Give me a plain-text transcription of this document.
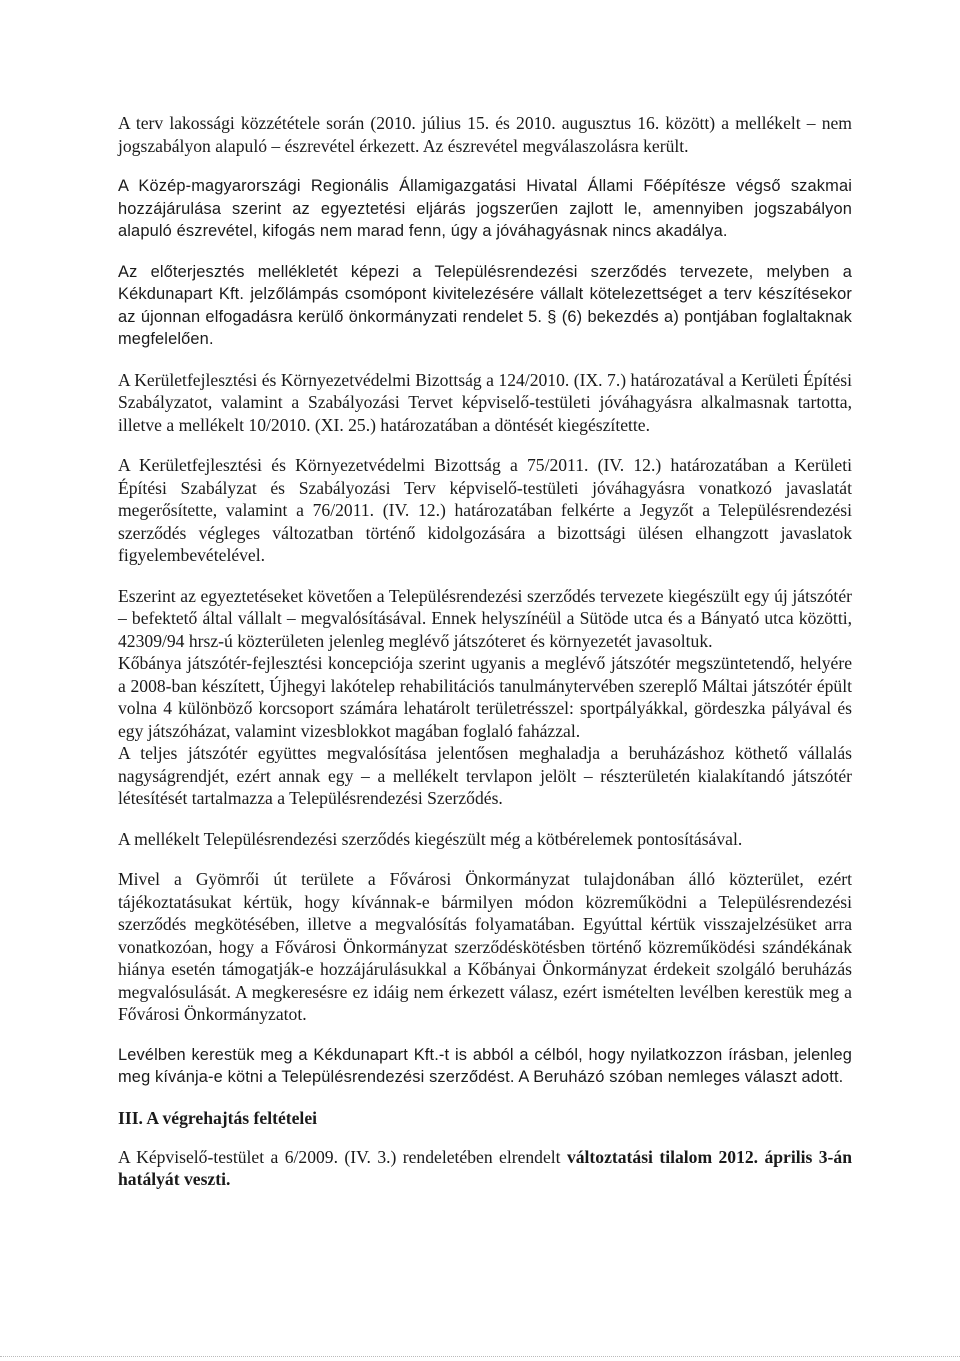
A terv lakossági közzététele során (2010. július 15. és 2010. augusztus 16. között) a mellékelt – nem jogszabályon alapuló – észrevétel érkezett. Az észrevétel megválaszolásra került.

A Közép-magyarországi Regionális Államigazgatási Hivatal Állami Főépítésze végső szakmai hozzájárulása szerint az egyeztetési eljárás jogszerűen zajlott le, amennyiben jogszabályon alapuló észrevétel, kifogás nem marad fenn, úgy a jóváhagyásnak nincs akadálya.

Az előterjesztés mellékletét képezi a Településrendezési szerződés tervezete, melyben a Kékdunapart Kft. jelzőlámpás csomópont kivitelezésére vállalt kötelezettséget a terv készítésekor az újonnan elfogadásra kerülő önkormányzati rendelet 5. § (6) bekezdés a) pontjában foglaltaknak megfelelően.

A Kerületfejlesztési és Környezetvédelmi Bizottság a 124/2010. (IX. 7.) határozatával a Kerületi Építési Szabályzatot, valamint a Szabályozási Tervet képviselő-testületi jóváhagyásra alkalmasnak tartotta, illetve a mellékelt 10/2010. (XI. 25.) határozatában a döntését kiegészítette.

A Kerületfejlesztési és Környezetvédelmi Bizottság a 75/2011. (IV. 12.) határozatában a Kerületi Építési Szabályzat és Szabályozási Terv képviselő-testületi jóváhagyásra vonatkozó javaslatát megerősítette, valamint a 76/2011. (IV. 12.) határozatában felkérte a Jegyzőt a Településrendezési szerződés végleges változatban történő kidolgozására a bizottsági ülésen elhangzott javaslatok figyelembevételével.

Eszerint az egyeztetéseket követően a Településrendezési szerződés tervezete kiegészült egy új játszótér – befektető által vállalt – megvalósításával. Ennek helyszínéül a Sütöde utca és a Bányató utca közötti, 42309/94 hrsz-ú közterületen jelenleg meglévő játszóteret és környezetét javasoltuk.

Kőbánya játszótér-fejlesztési koncepciója szerint ugyanis a meglévő játszótér megszüntetendő, helyére a 2008-ban készített, Újhegyi lakótelep rehabilitációs tanulmánytervében szereplő Máltai játszótér épült volna 4 különböző korcsoport számára lehatárolt területrésszel: sportpályákkal, gördeszka pályával és egy játszóházat, valamint vizesblokkot magában foglaló faházzal.

A teljes játszótér együttes megvalósítása jelentősen meghaladja a beruházáshoz köthető vállalás nagyságrendjét, ezért annak egy – a mellékelt tervlapon jelölt – részterületén kialakítandó játszótér létesítését tartalmazza a Településrendezési Szerződés.

A mellékelt Településrendezési szerződés kiegészült még a kötbérelemek pontosításával.

Mivel a Gyömrői út területe a Fővárosi Önkormányzat tulajdonában álló közterület, ezért tájékoztatásukat kértük, hogy kívánnak-e bármilyen módon közreműködni a Településrendezési szerződés megkötésében, illetve a megvalósítás folyamatában. Egyúttal kértük visszajelzésüket arra vonatkozóan, hogy a Fővárosi Önkormányzat szerződéskötésben történő közreműködési szándékának hiánya esetén támogatják-e hozzájárulásukkal a Kőbányai Önkormányzat érdekeit szolgáló beruházás megvalósulását. A megkeresésre ez idáig nem érkezett válasz, ezért ismételten levélben kerestük meg a Fővárosi Önkormányzatot.

Levélben kerestük meg a Kékdunapart Kft.-t is abból a célból, hogy nyilatkozzon írásban, jelenleg meg kívánja-e kötni a Településrendezési szerződést. A Beruházó szóban nemleges választ adott.

III. A végrehajtás feltételei

A Képviselő-testület a 6/2009. (IV. 3.) rendeletében elrendelt változtatási tilalom 2012. április 3-án hatályát veszti.
